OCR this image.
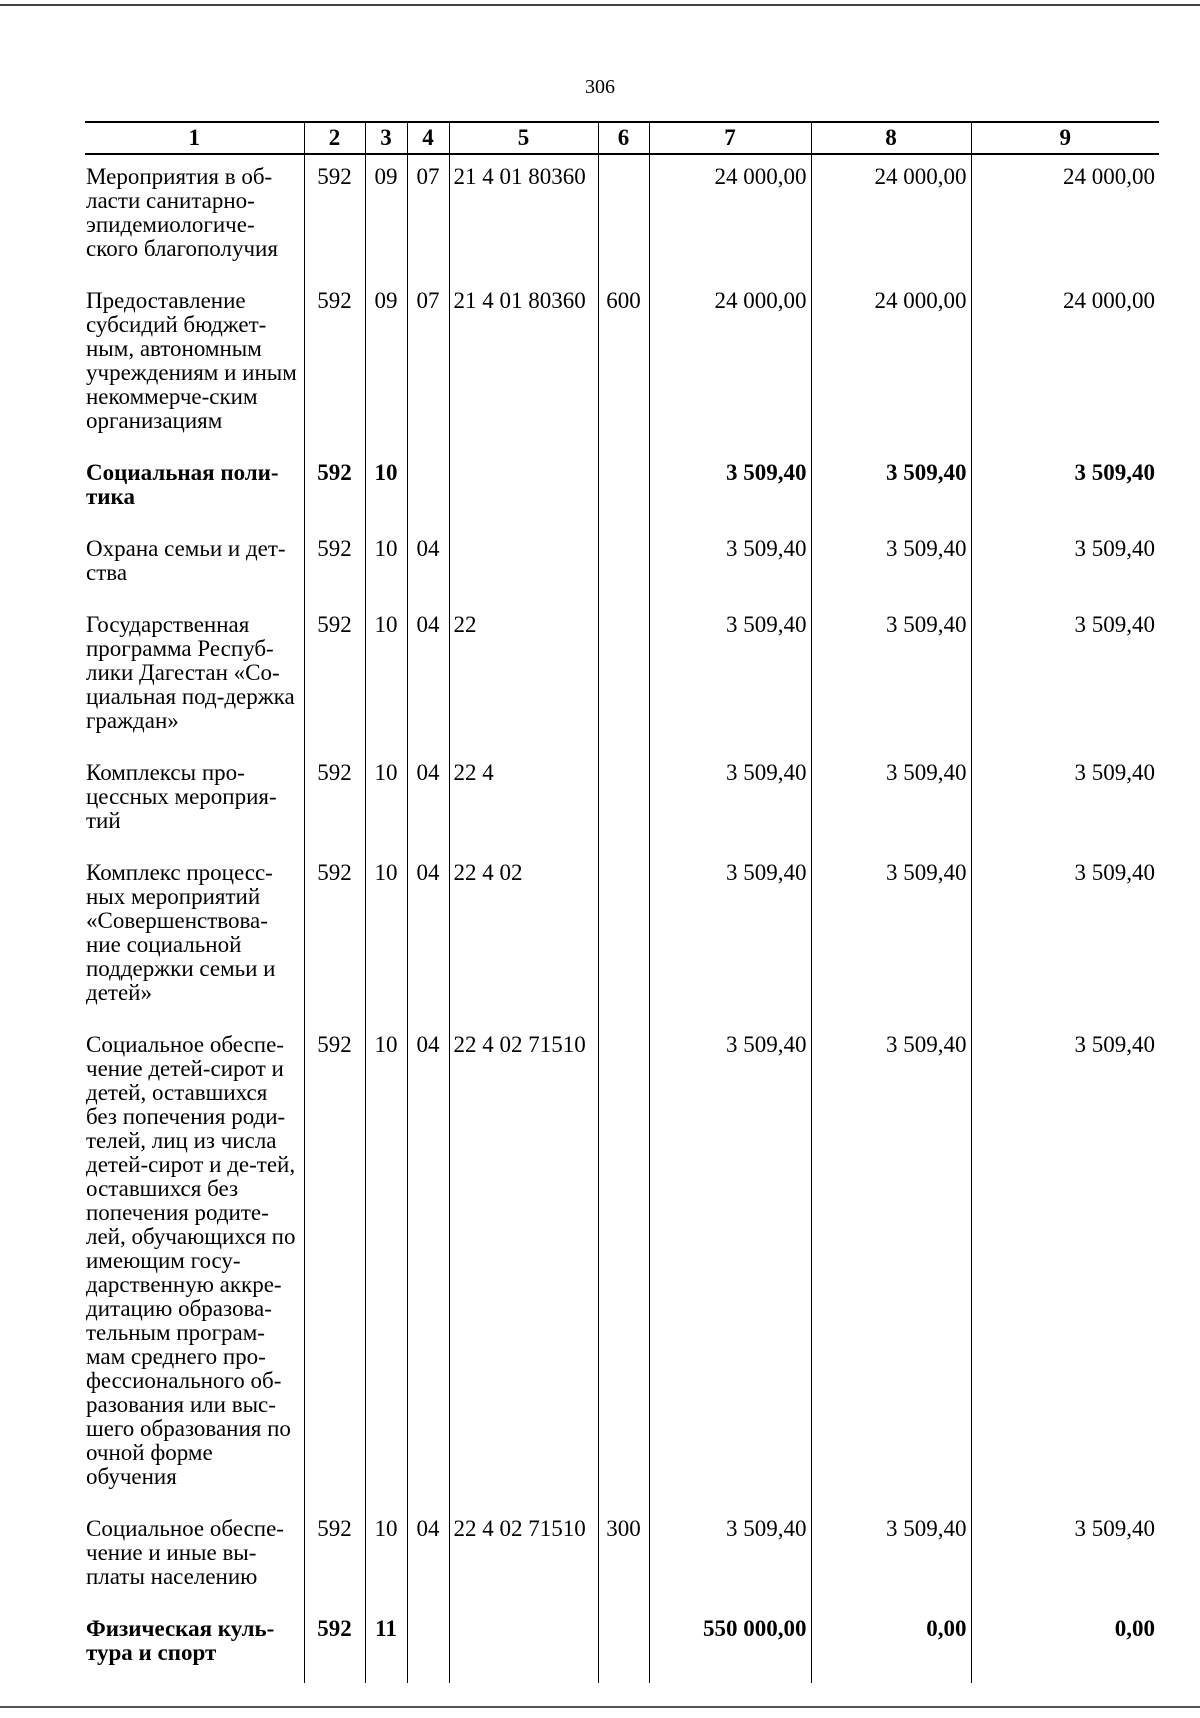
306
1	2	3	4	5	6	7	8	9
Мероприятия в об-ласти санитарно-эпидемиологиче-ского благополучия	592	09	07	21 4 01 80360		24 000,00	24 000,00	24 000,00
Предоставление субсидий бюджет-ным, автономным учреждениям и иным некоммерче-ским организациям	592	09	07	21 4 01 80360	600	24 000,00	24 000,00	24 000,00
Социальная поли-тика	592	10				3 509,40	3 509,40	3 509,40
Охрана семьи и дет-ства	592	10	04			3 509,40	3 509,40	3 509,40
Государственная программа Респуб-лики Дагестан «Со-циальная под-держка граждан»	592	10	04	22		3 509,40	3 509,40	3 509,40
Комплексы про-цессных мероприя-тий	592	10	04	22 4		3 509,40	3 509,40	3 509,40
Комплекс процесс-ных мероприятий «Совершенствова-ние социальной поддержки семьи и детей»	592	10	04	22 4 02		3 509,40	3 509,40	3 509,40
Социальное обеспе-чение детей-сирот и детей, оставшихся без попечения роди-телей, лиц из числа детей-сирот и де-тей, оставшихся без попечения родите-лей, обучающихся по имеющим госу-дарственную аккре-дитацию образова-тельным програм-мам среднего про-фессионального об-разования или выс-шего образования по очной форме обучения	592	10	04	22 4 02 71510		3 509,40	3 509,40	3 509,40
Социальное обеспе-чение и иные вы-платы населению	592	10	04	22 4 02 71510	300	3 509,40	3 509,40	3 509,40
Физическая куль-тура и спорт	592	11				550 000,00	0,00	0,00
